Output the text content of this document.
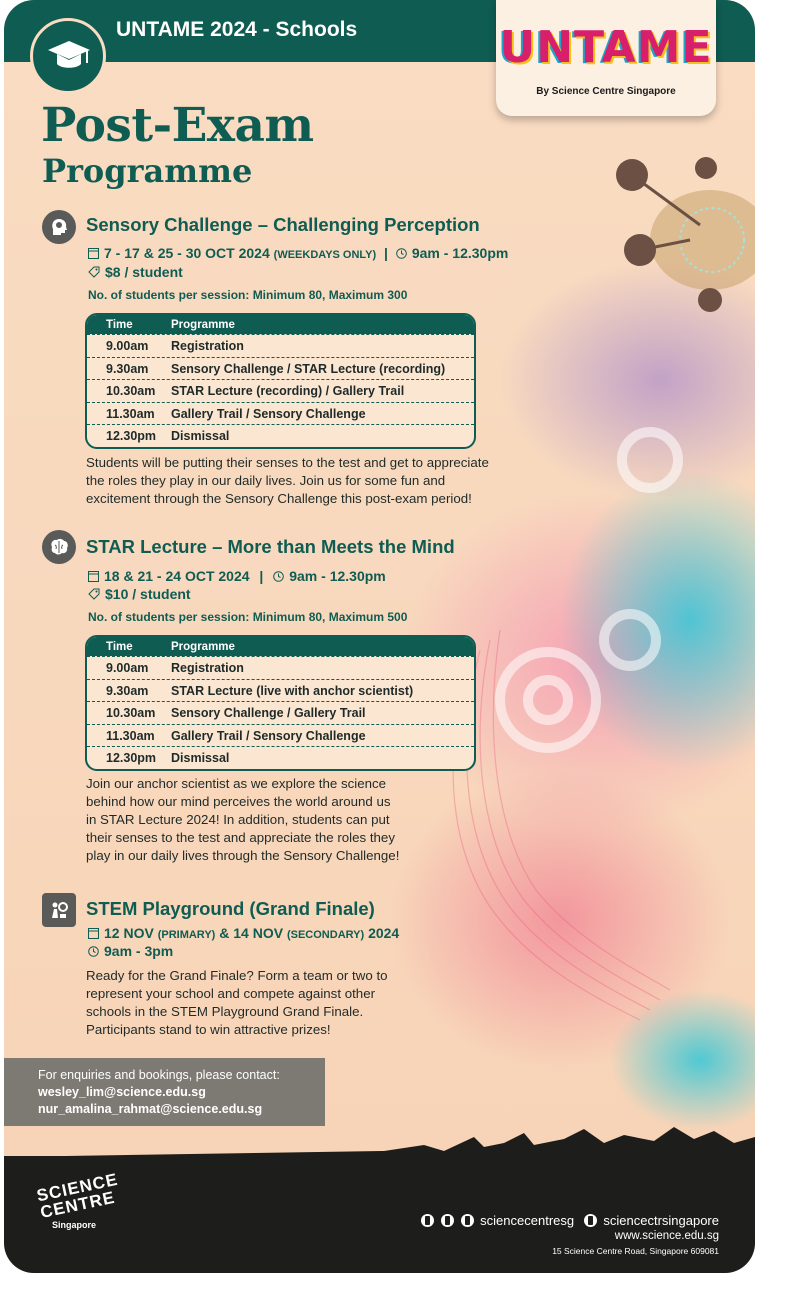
UNTAME 2024 - Schools	UNTAME
By Science Centre Singapore
Post-Exam
Programme
Sensory Challenge – Challenging Perception
7 - 17 & 25 - 30 OCT 2024 (WEEKDAYS ONLY) | 9am - 12.30pm
$8 / student
No. of students per session: Minimum 80, Maximum 300
Time	Programme
9.00am Registration
9.30am Sensory Challenge / STAR Lecture (recording)
10.30am STAR Lecture (recording) / Gallery Trail
11.30am Gallery Trail / Sensory Challenge
12.30pm Dismissal
Students will be putting their senses to the test and get to appreciate
the roles they play in our daily lives. Join us for some fun and
excitement through the Sensory Challenge this post-exam period!
STAR Lecture – More than Meets the Mind
18 & 21 - 24 OCT 2024 | 9am - 12.30pm
$10 / student
No. of students per session: Minimum 80, Maximum 500
Time	Programme
9.00am Registration
9.30am STAR Lecture (live with anchor scientist)
10.30am Sensory Challenge / Gallery Trail
11.30am Gallery Trail / Sensory Challenge
12.30pm Dismissal
Join our anchor scientist as we explore the science
behind how our mind perceives the world around us
in STAR Lecture 2024! In addition, students can put
their senses to the test and appreciate the roles they
play in our daily lives through the Sensory Challenge!
STEM Playground (Grand Finale)
12 NOV (PRIMARY) & 14 NOV (SECONDARY) 2024
9am - 3pm
Ready for the Grand Finale? Form a team or two to
represent your school and compete against other
schools in the STEM Playground Grand Finale.
Participants stand to win attractive prizes!
For enquiries and bookings, please contact:
wesley_lim@science.edu.sg
nur_amalina_rahmat@science.edu.sg
SCIENCE CENTRE
Singapore

	sciencecentresg sciencectrsingapore
www.science.edu.sg
15 Science Centre Road, Singapore 609081
